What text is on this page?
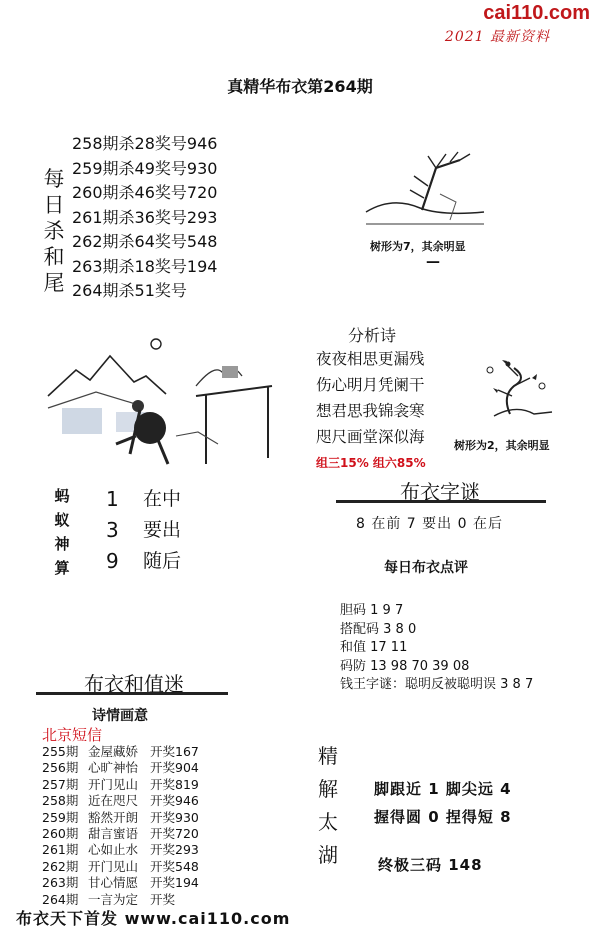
cai110.com
2021 最新资料
真精华布衣第264期
每
日
杀
和
尾
258期杀28奖号946
259期杀49奖号930
260期杀46奖号720
261期杀36奖号293
262期杀64奖号548
263期杀18奖号194
264期杀51奖号
树形为7，其余明显
—
分析诗
夜夜相思更漏残
伤心明月凭阑干
想君思我锦衾寒
咫尺画堂深似海	树形为2，其余明显
组三15% 组六85%
蚂
蚁
神
算
1
3
9
在中
要出
随后
布衣字谜
8 在前 7 要出 0 在后
每日布衣点评
胆码 1 9 7
搭配码 3 8 0
和值 17 11
码防 13 98 70 39 08
钱王字谜：聪明反被聪明误 3 8 7
布衣和值迷
诗情画意
北京短信
255期 金屋藏娇 开奖167
256期 心旷神怡 开奖904
257期 开门见山 开奖819
258期 近在咫尺 开奖946
259期 豁然开朗 开奖930
260期 甜言蜜语 开奖720
261期 心如止水 开奖293
262期 开门见山 开奖548
263期 甘心情愿 开奖194
264期 一言为定 开奖
精
解
太
湖
脚跟近 1 脚尖远 4
握得圆 0 捏得短 8
终极三码 148
布衣天下首发 www.cai110.com
